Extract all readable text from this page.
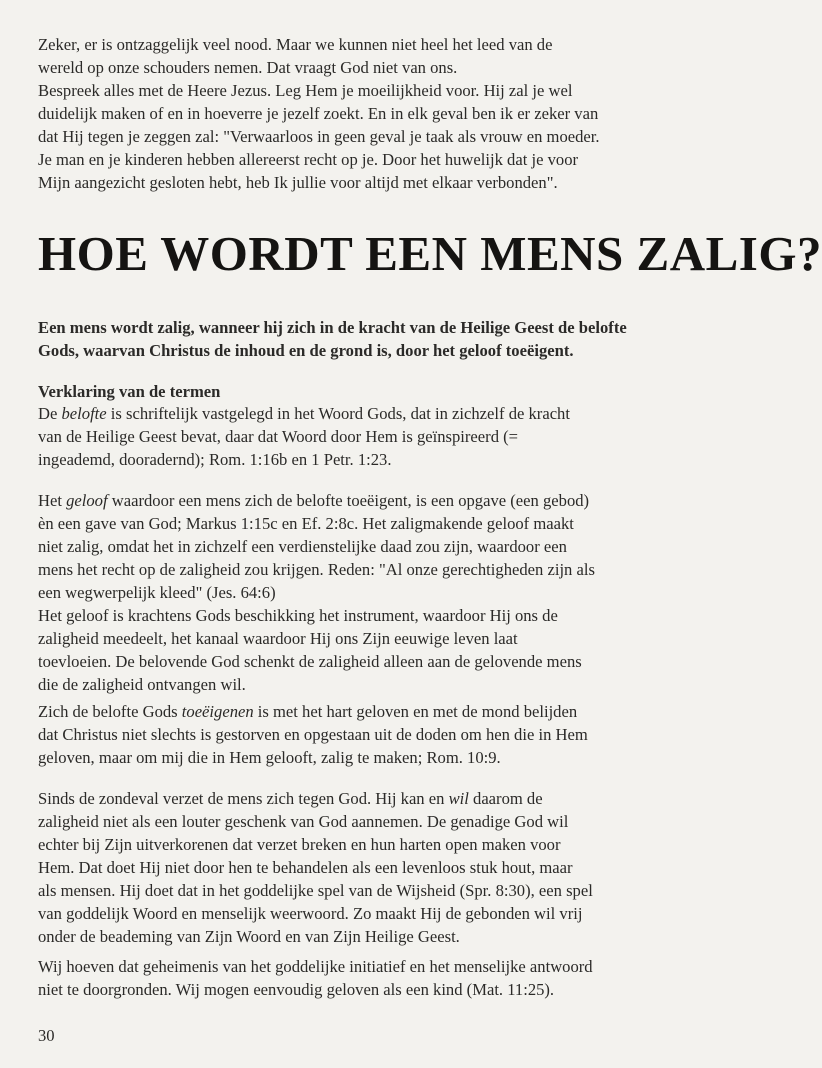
Zeker, er is ontzaggelijk veel nood. Maar we kunnen niet heel het leed van de
wereld op onze schouders nemen. Dat vraagt God niet van ons.
Bespreek alles met de Heere Jezus. Leg Hem je moeilijkheid voor. Hij zal je wel
duidelijk maken of en in hoeverre je jezelf zoekt. En in elk geval ben ik er zeker van
dat Hij tegen je zeggen zal: "Verwaarloos in geen geval je taak als vrouw en moeder.
Je man en je kinderen hebben allereerst recht op je. Door het huwelijk dat je voor
Mijn aangezicht gesloten hebt, heb Ik jullie voor altijd met elkaar verbonden".
HOE WORDT EEN MENS ZALIG?
Een mens wordt zalig, wanneer hij zich in de kracht van de Heilige Geest de belofte
Gods, waarvan Christus de inhoud en de grond is, door het geloof toeëigent.
Verklaring van de termen
De belofte is schriftelijk vastgelegd in het Woord Gods, dat in zichzelf de kracht
van de Heilige Geest bevat, daar dat Woord door Hem is geïnspireerd (=
ingeademd, dooradernd); Rom. 1:16b en 1 Petr. 1:23.
Het geloof waardoor een mens zich de belofte toeëigent, is een opgave (een gebod)
èn een gave van God; Markus 1:15c en Ef. 2:8c. Het zaligmakende geloof maakt
niet zalig, omdat het in zichzelf een verdienstelijke daad zou zijn, waardoor een
mens het recht op de zaligheid zou krijgen. Reden: "Al onze gerechtigheden zijn als
een wegwerpelijk kleed" (Jes. 64:6)
Het geloof is krachtens Gods beschikking het instrument, waardoor Hij ons de
zaligheid meedeelt, het kanaal waardoor Hij ons Zijn eeuwige leven laat
toevloeien. De belovende God schenkt de zaligheid alleen aan de gelovende mens
die de zaligheid ontvangen wil.
Zich de belofte Gods toeëigenen is met het hart geloven en met de mond belijden
dat Christus niet slechts is gestorven en opgestaan uit de doden om hen die in Hem
geloven, maar om mij die in Hem gelooft, zalig te maken; Rom. 10:9.
Sinds de zondeval verzet de mens zich tegen God. Hij kan en wil daarom de
zaligheid niet als een louter geschenk van God aannemen. De genadige God wil
echter bij Zijn uitverkorenen dat verzet breken en hun harten open maken voor
Hem. Dat doet Hij niet door hen te behandelen als een levenloos stuk hout, maar
als mensen. Hij doet dat in het goddelijke spel van de Wijsheid (Spr. 8:30), een spel
van goddelijk Woord en menselijk weerwoord. Zo maakt Hij de gebonden wil vrij
onder de beademing van Zijn Woord en van Zijn Heilige Geest.
Wij hoeven dat geheimenis van het goddelijke initiatief en het menselijke antwoord
niet te doorgronden. Wij mogen eenvoudig geloven als een kind (Mat. 11:25).
30
